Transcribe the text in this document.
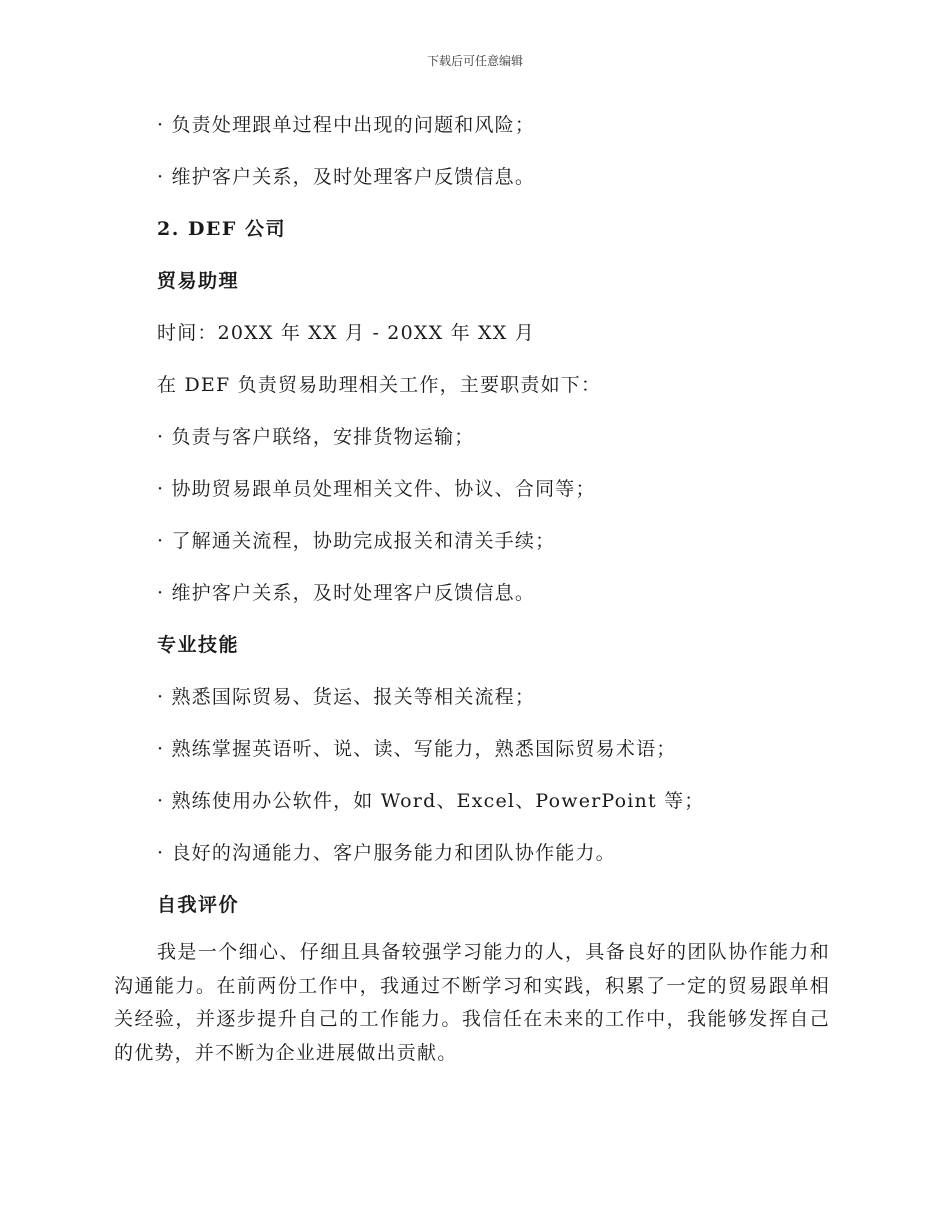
下载后可任意编辑
· 负责处理跟单过程中出现的问题和风险；
· 维护客户关系，及时处理客户反馈信息。
2. DEF 公司
贸易助理
时间：20XX 年 XX 月 - 20XX 年 XX 月
在 DEF 负责贸易助理相关工作，主要职责如下：
· 负责与客户联络，安排货物运输；
· 协助贸易跟单员处理相关文件、协议、合同等；
· 了解通关流程，协助完成报关和清关手续；
· 维护客户关系，及时处理客户反馈信息。
专业技能
· 熟悉国际贸易、货运、报关等相关流程；
· 熟练掌握英语听、说、读、写能力，熟悉国际贸易术语；
· 熟练使用办公软件，如 Word、Excel、PowerPoint 等；
· 良好的沟通能力、客户服务能力和团队协作能力。
自我评价
我是一个细心、仔细且具备较强学习能力的人，具备良好的团队协作能力和沟通能力。在前两份工作中，我通过不断学习和实践，积累了一定的贸易跟单相关经验，并逐步提升自己的工作能力。我信任在未来的工作中，我能够发挥自己的优势，并不断为企业进展做出贡献。
